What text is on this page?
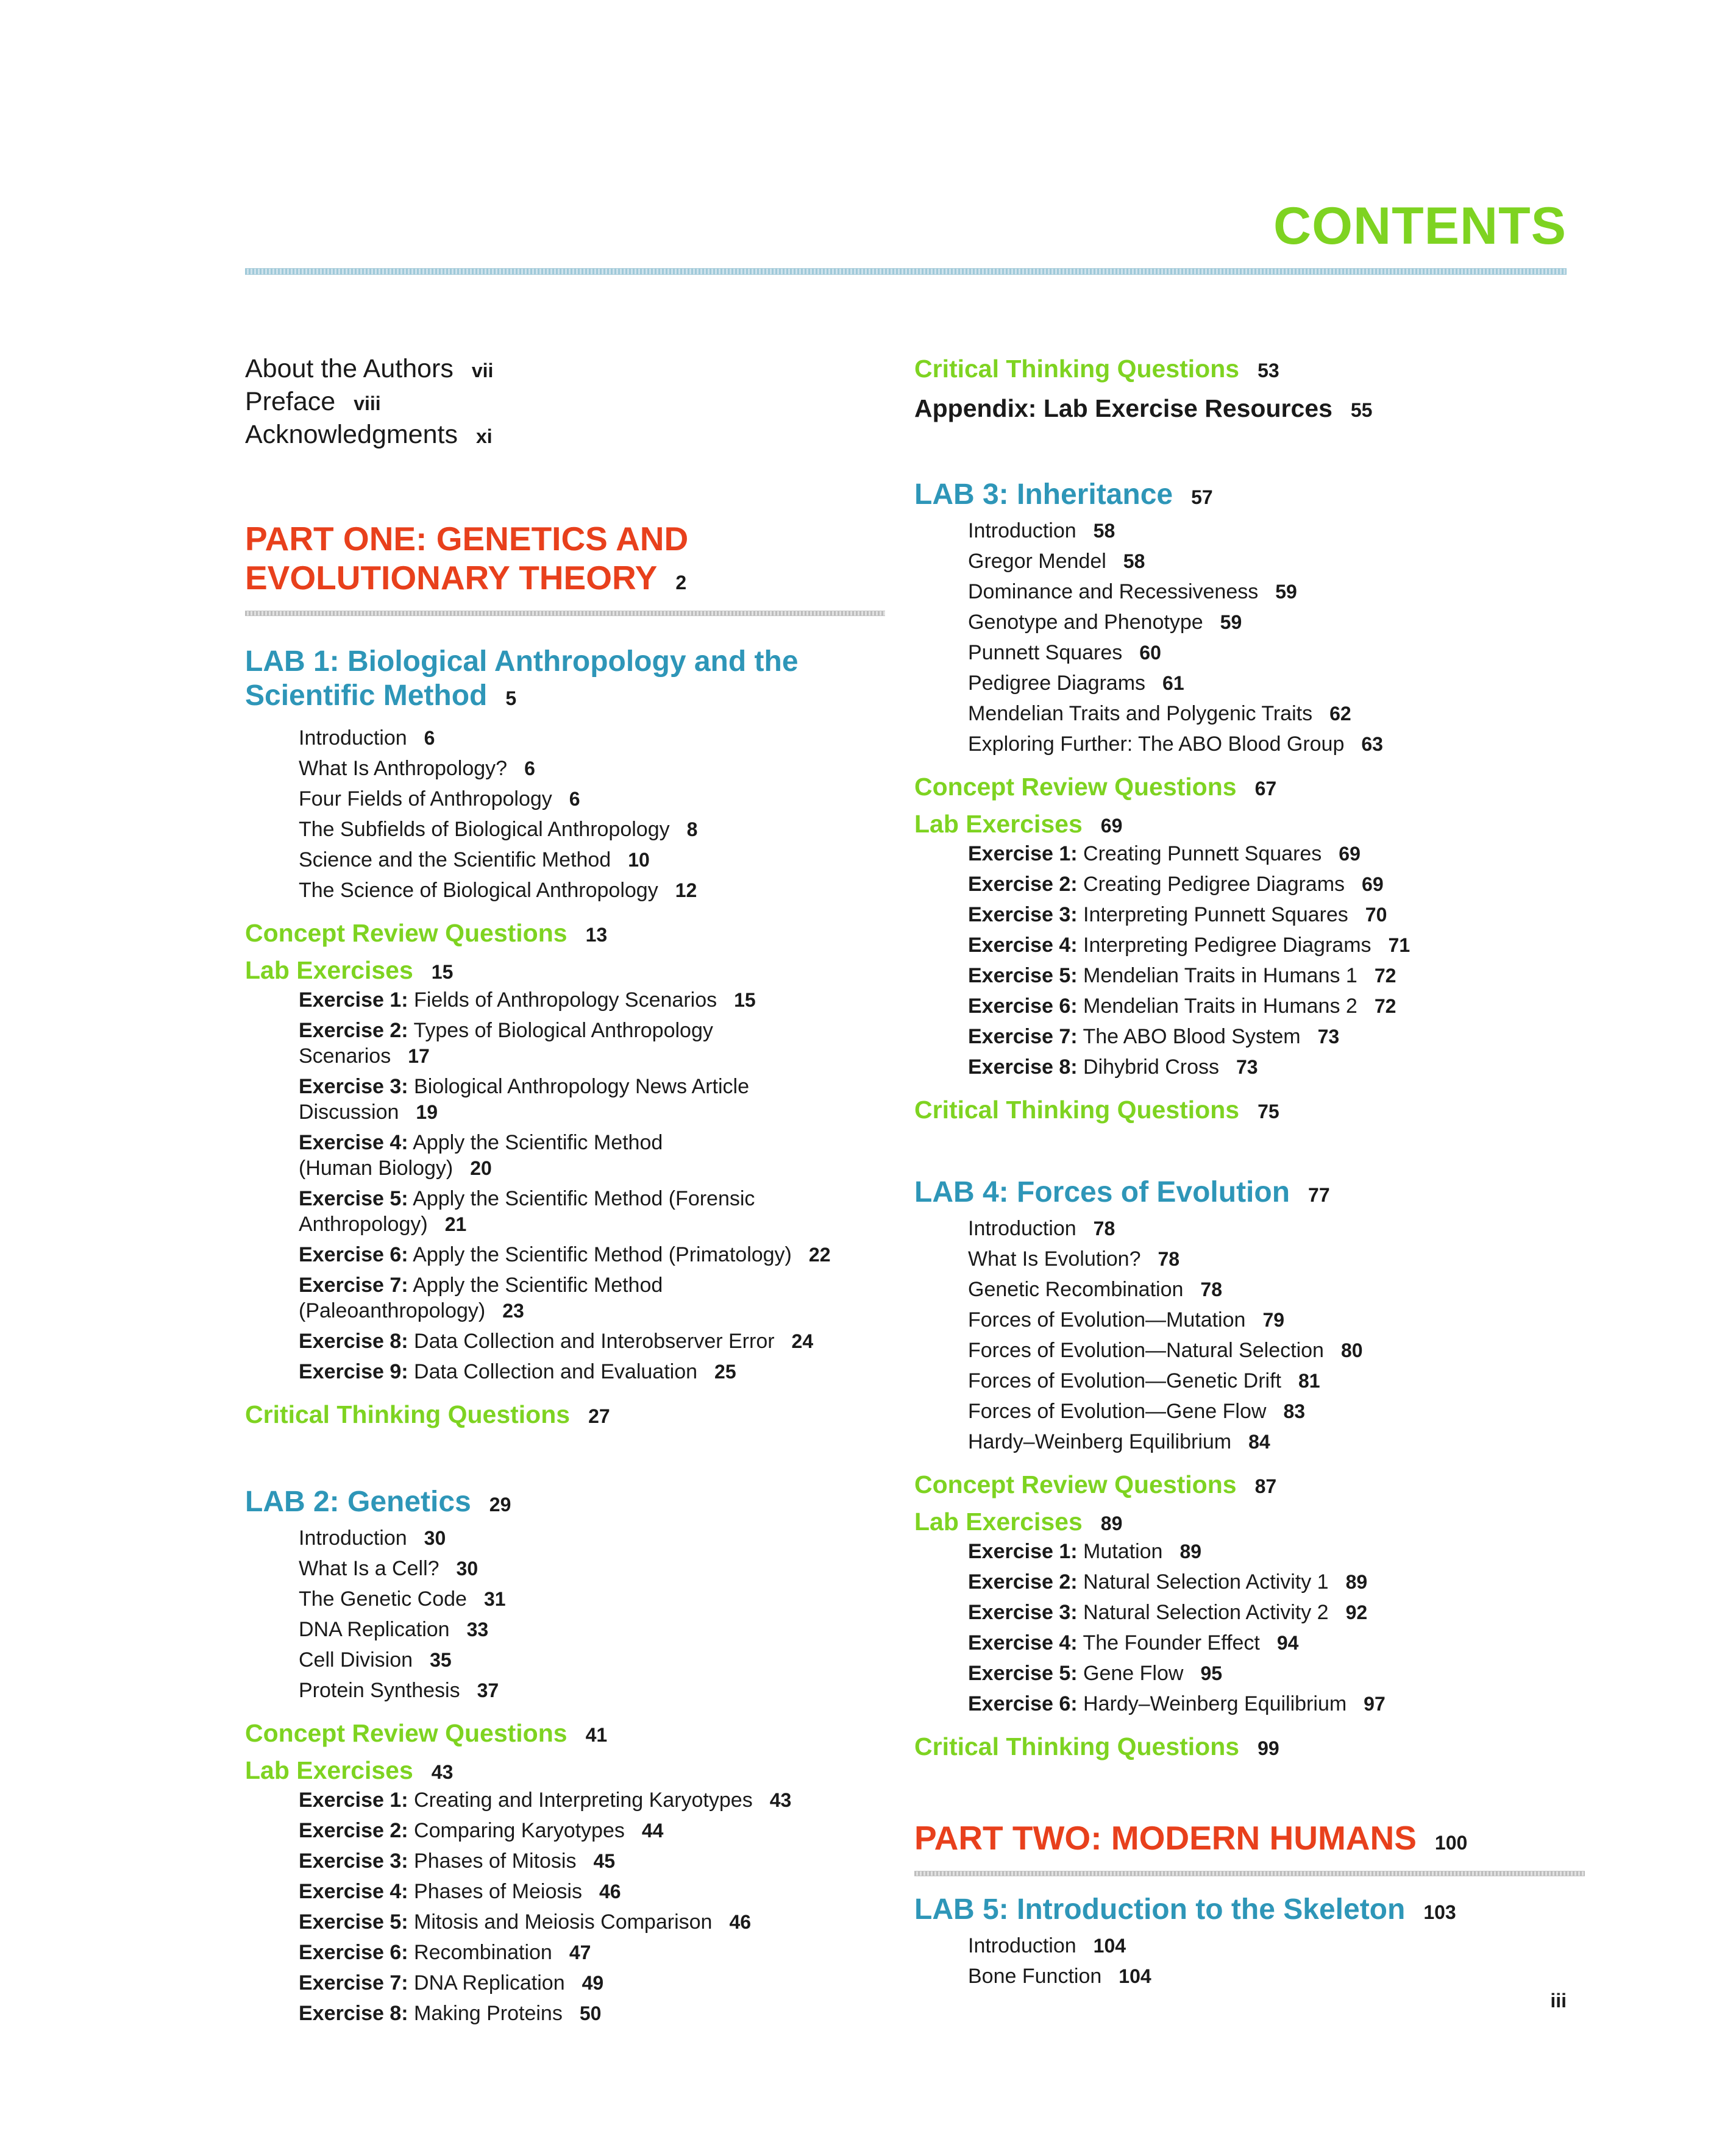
CONTENTS
About the Authors vii
Preface viii
Acknowledgments xi
PART ONE: GENETICS AND
EVOLUTIONARY THEORY 2
LAB 1: Biological Anthropology and the
Scientific Method 5
Introduction 6
What Is Anthropology? 6
Four Fields of Anthropology 6
The Subfields of Biological Anthropology 8
Science and the Scientific Method 10
The Science of Biological Anthropology 12
Concept Review Questions 13
Lab Exercises 15
Exercise 1: Fields of Anthropology Scenarios 15
Exercise 2: Types of Biological Anthropology
Scenarios 17
Exercise 3: Biological Anthropology News Article
Discussion 19
Exercise 4: Apply the Scientific Method
(Human Biology) 20
Exercise 5: Apply the Scientific Method (Forensic
Anthropology) 21
Exercise 6: Apply the Scientific Method (Primatology) 22
Exercise 7: Apply the Scientific Method
(Paleoanthropology) 23
Exercise 8: Data Collection and Interobserver Error 24
Exercise 9: Data Collection and Evaluation 25
Critical Thinking Questions 27
LAB 2: Genetics 29
Introduction 30
What Is a Cell? 30
The Genetic Code 31
DNA Replication 33
Cell Division 35
Protein Synthesis 37
Concept Review Questions 41
Lab Exercises 43
Exercise 1: Creating and Interpreting Karyotypes 43
Exercise 2: Comparing Karyotypes 44
Exercise 3: Phases of Mitosis 45
Exercise 4: Phases of Meiosis 46
Exercise 5: Mitosis and Meiosis Comparison 46
Exercise 6: Recombination 47
Exercise 7: DNA Replication 49
Exercise 8: Making Proteins 50
Critical Thinking Questions 53
Appendix: Lab Exercise Resources 55
LAB 3: Inheritance 57
Introduction 58
Gregor Mendel 58
Dominance and Recessiveness 59
Genotype and Phenotype 59
Punnett Squares 60
Pedigree Diagrams 61
Mendelian Traits and Polygenic Traits 62
Exploring Further: The ABO Blood Group 63
Concept Review Questions 67
Lab Exercises 69
Exercise 1: Creating Punnett Squares 69
Exercise 2: Creating Pedigree Diagrams 69
Exercise 3: Interpreting Punnett Squares 70
Exercise 4: Interpreting Pedigree Diagrams 71
Exercise 5: Mendelian Traits in Humans 1 72
Exercise 6: Mendelian Traits in Humans 2 72
Exercise 7: The ABO Blood System 73
Exercise 8: Dihybrid Cross 73
Critical Thinking Questions 75
LAB 4: Forces of Evolution 77
Introduction 78
What Is Evolution? 78
Genetic Recombination 78
Forces of Evolution—Mutation 79
Forces of Evolution—Natural Selection 80
Forces of Evolution—Genetic Drift 81
Forces of Evolution—Gene Flow 83
Hardy–Weinberg Equilibrium 84
Concept Review Questions 87
Lab Exercises 89
Exercise 1: Mutation 89
Exercise 2: Natural Selection Activity 1 89
Exercise 3: Natural Selection Activity 2 92
Exercise 4: The Founder Effect 94
Exercise 5: Gene Flow 95
Exercise 6: Hardy–Weinberg Equilibrium 97
Critical Thinking Questions 99
PART TWO: MODERN HUMANS 100
LAB 5: Introduction to the Skeleton 103
Introduction 104
Bone Function 104
iii
